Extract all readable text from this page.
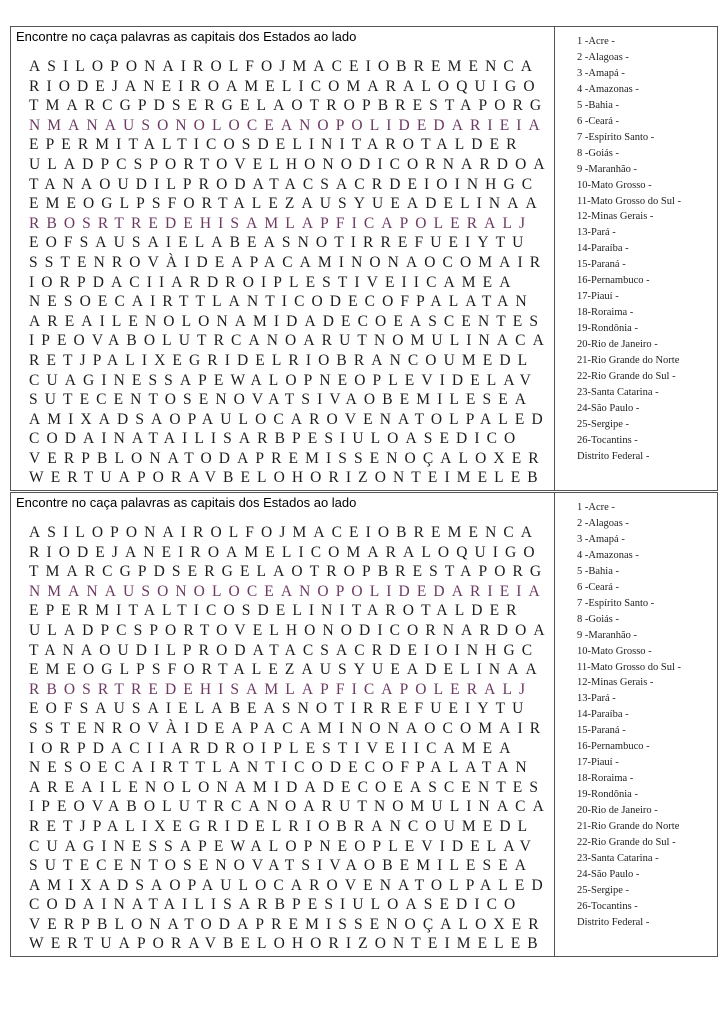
Encontre no caça palavras as capitais dos Estados ao lado
ASILOPONAIROLFOJMACEIOBREMENCA
RIODEJANEIROAMELICOMARALOQUIGO
TMARCGPDSERGELAOTROPBRESTAPORG
NMANAUSONOLOCEANOPOLIDEDARIEIA
EPERMITALTICOSDELINITAROTALDER
ULADPCSPORTOVELHONODICORNARDOA
TANAOUDILPRODATACSACRDEIOINHGC
EMEOGLPSFORTALEZAUSYUEADELINAA
RBOSRTREDEHISAMLAPFICAPOLERALJ
EOFSAUSAIELABEASNOTIRREFUEIYTU
SSTENROVÀIDEAPACAMINONAOCOMAIR
IORPDACIIARDROIPLESTIVEIICAMEA
NESOECAIRTTLANTICODECOFPALATAN
AREAILENOLONAMIDADECOEASCENTES
IPEOVABOLUTRCANOARUTNOMULINACA
RETJPALIXEGRIDELRIOBRANCOUMEDL
CUAGINESSAPEWALOPNEOPLEVIDELAV
SUTECENTOSENOVATSIVAOBEMILESEA
AMIXADSAOPAULOCAROVENATOLPALED
CODAINATAILISARBPESIULOASEDICO
VERPBLONATODAPREMISSENOÇALOXER
WERTUAPORAVBELOHORIZONTEIMELEB
1 -Acre -
2 -Alagoas -
3 -Amapá -
4 -Amazonas -
5 -Bahia -
6 -Ceará -
7 -Espírito Santo -
8 -Goiás -
9 -Maranhão -
10-Mato Grosso -
11-Mato Grosso do Sul -
12-Minas Gerais -
13-Pará -
14-Paraíba -
15-Paraná -
16-Pernambuco -
17-Piauí -
18-Roraima -
19-Rondônia -
20-Rio de Janeiro -
21-Rio Grande do Norte
22-Rio Grande do Sul -
23-Santa Catarina -
24-São Paulo -
25-Sergipe -
26-Tocantins -
Distrito Federal -
Encontre no caça palavras as capitais dos Estados ao lado
ASILOPONAIROLFOJMACEIOBREMENCA
RIODEJANEIROAMELICOMARALOQUIGO
TMARCGPDSERGELAOTROPBRESTAPORG
NMANAUSONOLOCEANOPOLIDEDARIEIA
EPERMITALTICOSDELINITAROTALDER
ULADPCSPORTOVELHONODICORNARDOA
TANAOUDILPRODATACSACRDEIOINHGC
EMEOGLPSFORTALEZAUSYUEADELINAA
RBOSRTREDEHISAMLAPFICAPOLERALJ
EOFSAUSAIELABEASNOTIRREFUEIYTU
SSTENROVÀIDEAPACAMINONAOCOMAIR
IORPDACIIARDROIPLESTIVEIICAMEA
NESOECAIRTTLANTICODECOFPALATAN
AREAILENOLONAMIDADECOEASCENTES
IPEOVABOLUTRCANOARUTNOMULINACA
RETJPALIXEGRIDELRIOBRANCOUMEDL
CUAGINESSAPEWALOPNEOPLEVIDELAV
SUTECENTOSENOVATSIVAOBEMILESEA
AMIXADSAOPAULOCAROVENATOLPALED
CODAINATAILISARBPESIULOASEDICO
VERPBLONATODAPREMISSENOÇALOXER
WERTUAPORAVBELOHORIZONTEIMELEB
1 -Acre -
2 -Alagoas -
3 -Amapá -
4 -Amazonas -
5 -Bahia -
6 -Ceará -
7 -Espírito Santo -
8 -Goiás -
9 -Maranhão -
10-Mato Grosso -
11-Mato Grosso do Sul -
12-Minas Gerais -
13-Pará -
14-Paraíba -
15-Paraná -
16-Pernambuco -
17-Piauí -
18-Roraima -
19-Rondônia -
20-Rio de Janeiro -
21-Rio Grande do Norte
22-Rio Grande do Sul -
23-Santa Catarina -
24-São Paulo -
25-Sergipe -
26-Tocantins -
Distrito Federal -
